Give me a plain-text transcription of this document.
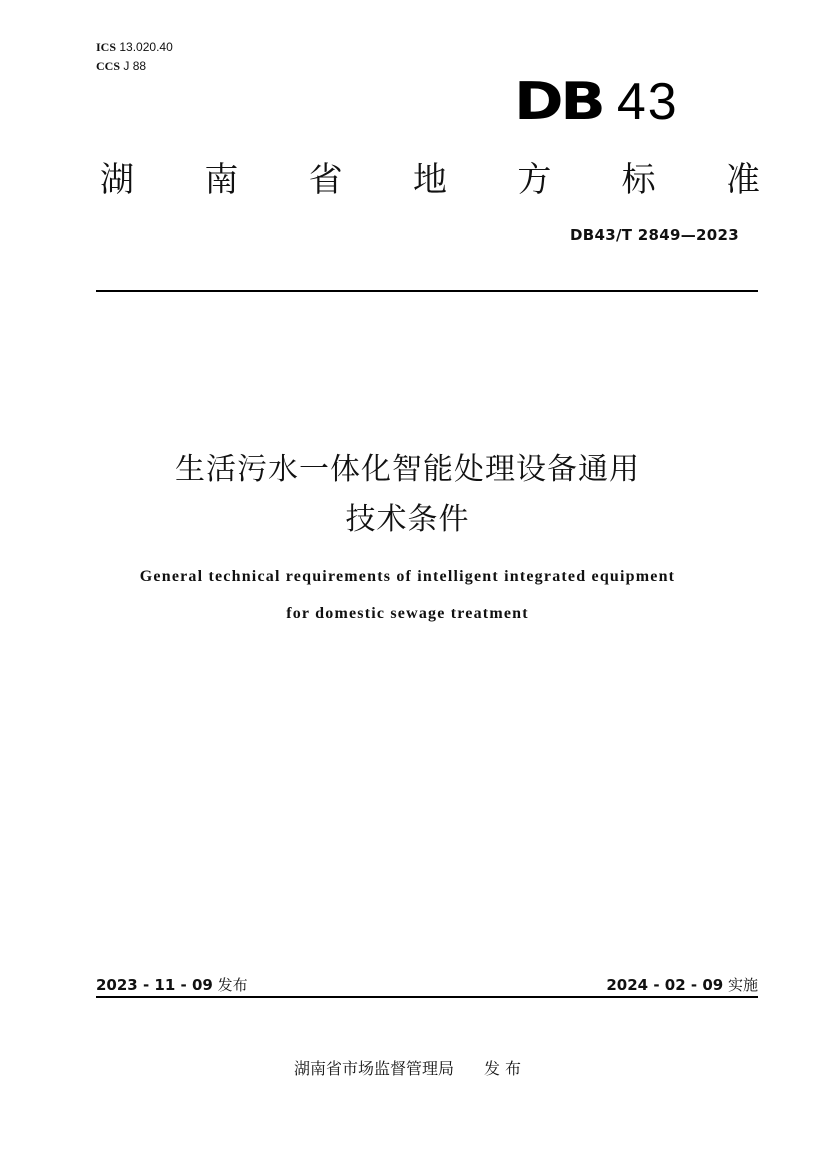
ICS 13.020.40
CCS J 88
DB 43
湖 南 省 地 方 标 准
DB43/T 2849—2023
生活污水一体化智能处理设备通用
技术条件
General technical requirements of intelligent integrated equipment
for domestic sewage treatment
2023 - 11 - 09 发布	2024 - 02 - 09 实施
湖南省市场监督管理局 发 布
